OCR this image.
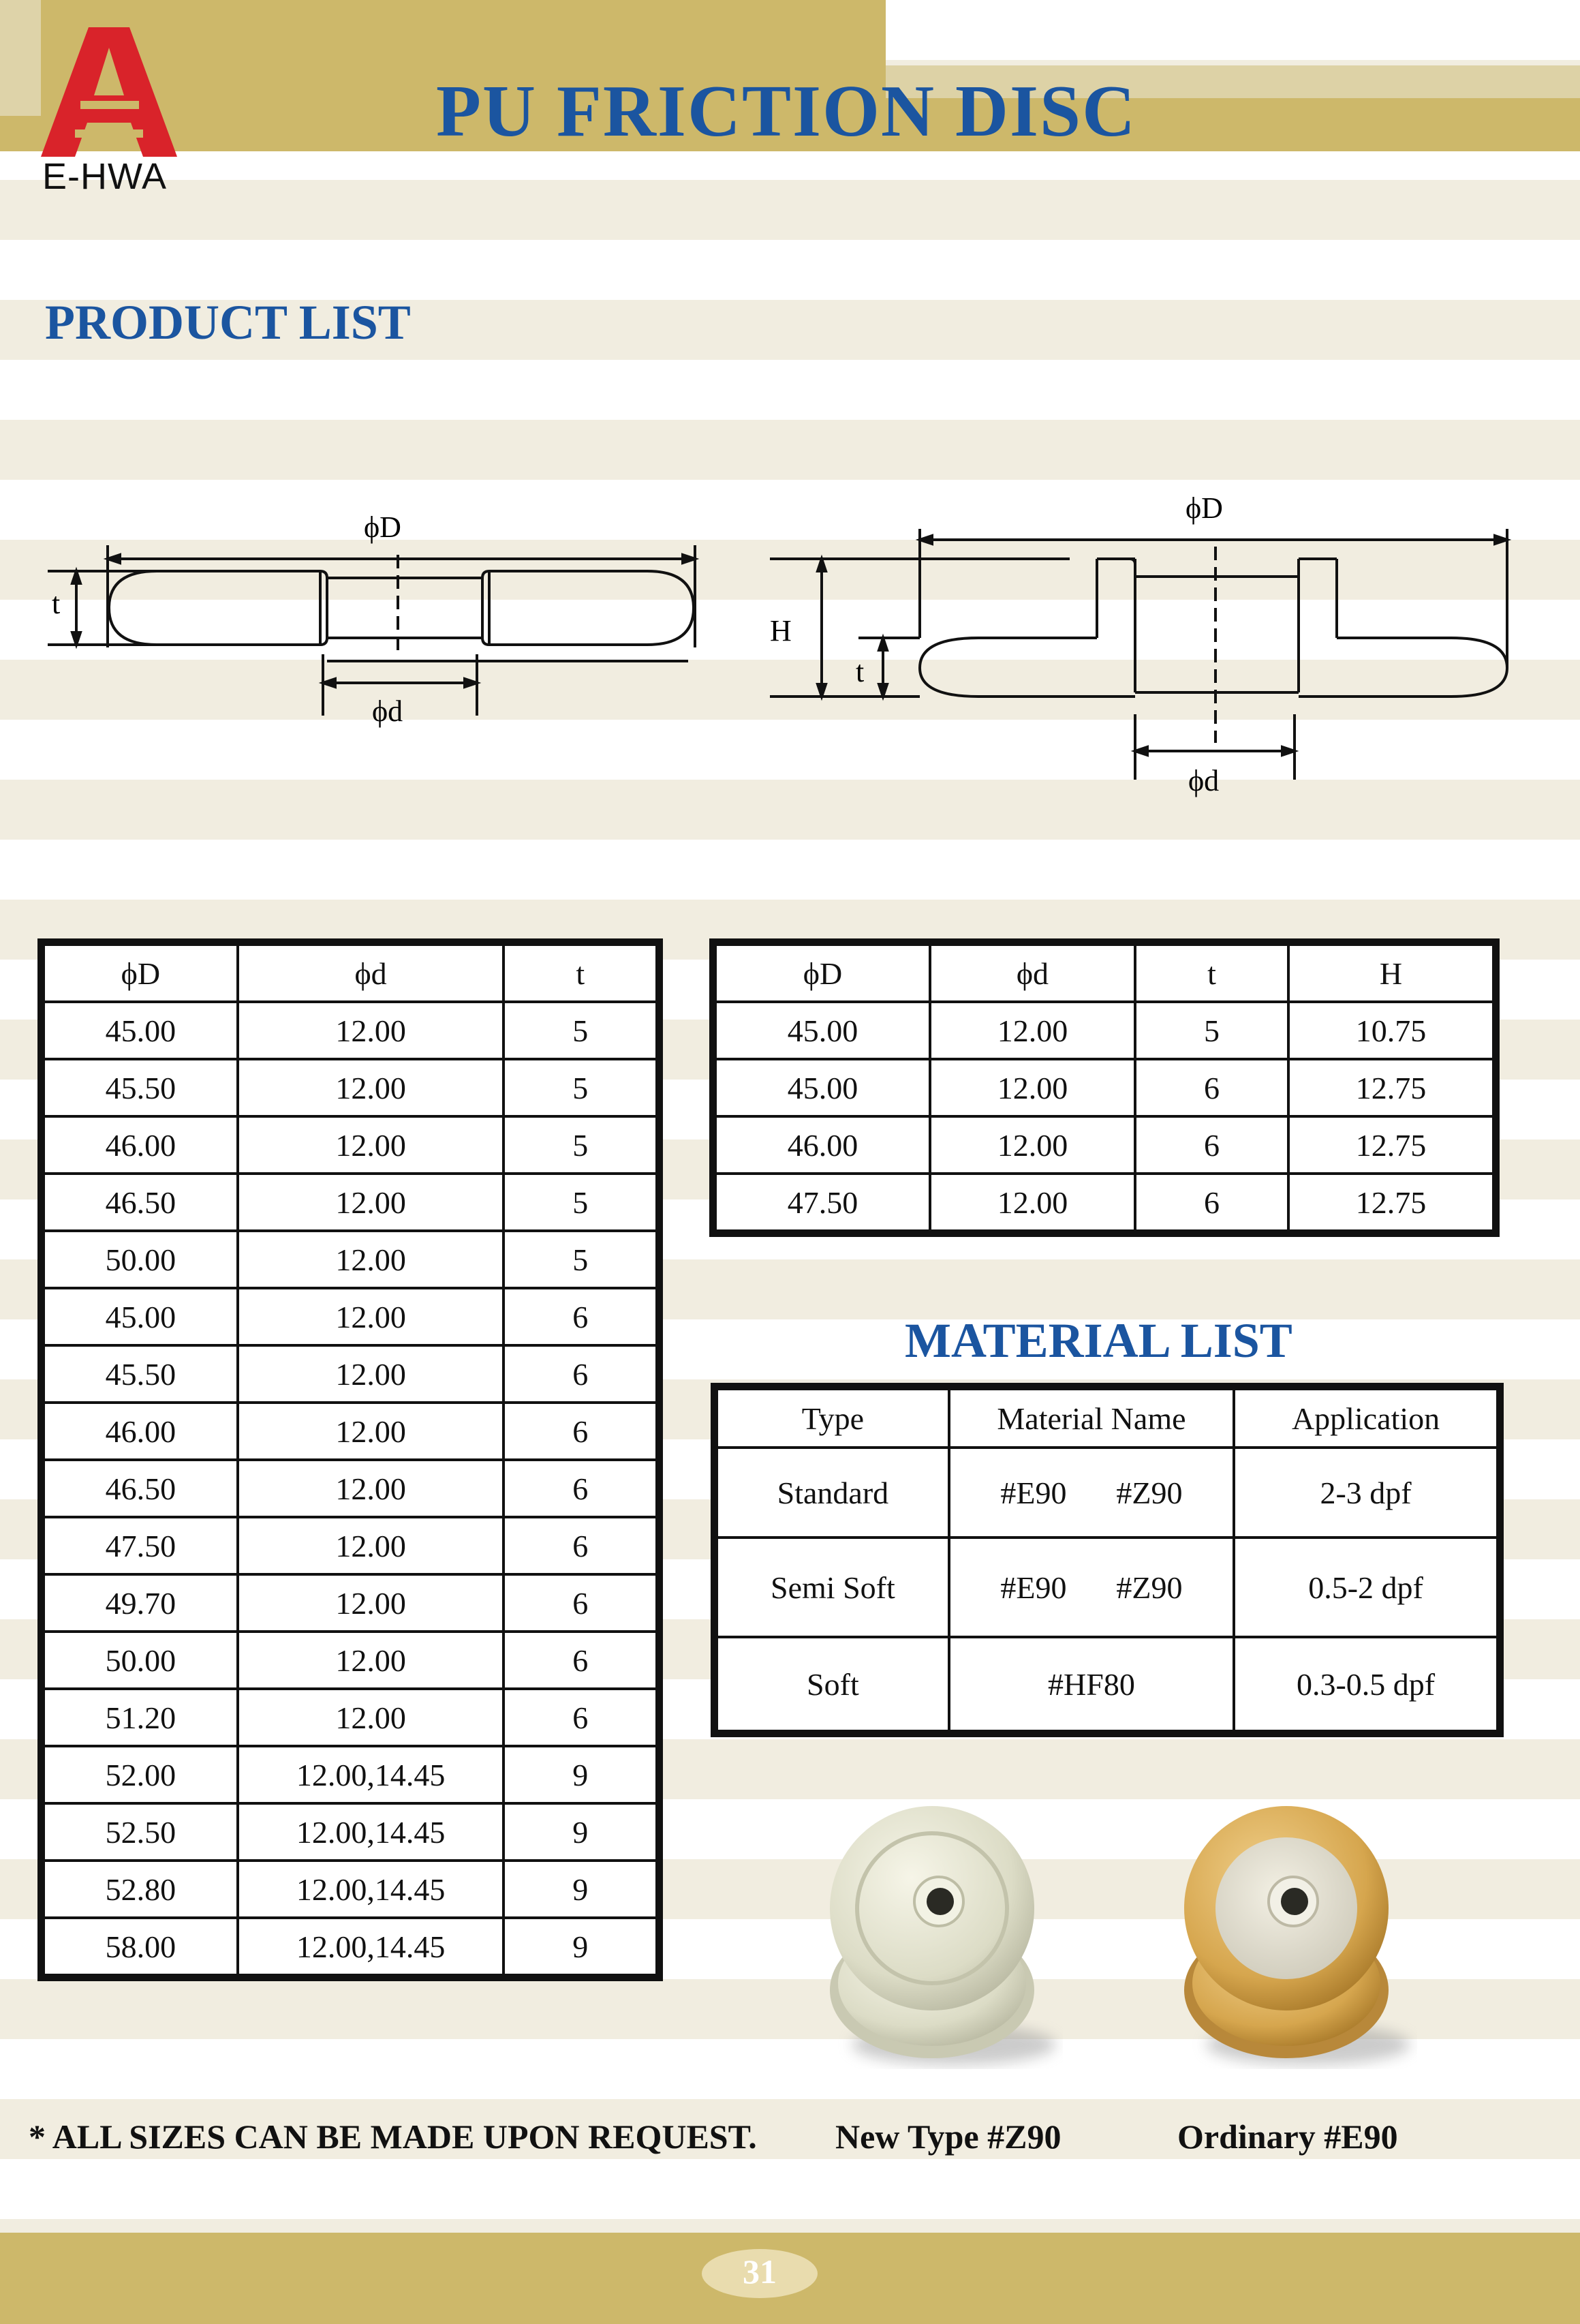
E-HWA
PU FRICTION DISC
PRODUCT LIST
ϕD
t
ϕd
ϕD
H
t
ϕd
ϕD	ϕd	t
45.00	12.00	5
45.50	12.00	5
46.00	12.00	5
46.50	12.00	5
50.00	12.00	5
45.00	12.00	6
45.50	12.00	6
46.00	12.00	6
46.50	12.00	6
47.50	12.00	6
49.70	12.00	6
50.00	12.00	6
51.20	12.00	6
52.00	12.00,14.45	9
52.50	12.00,14.45	9
52.80	12.00,14.45	9
58.00	12.00,14.45	9
ϕD	ϕd	t	H
45.00	12.00	5	10.75
45.00	12.00	6	12.75
46.00	12.00	6	12.75
47.50	12.00	6	12.75
MATERIAL LIST
Type	Material Name	Application
Standard	#E90 #Z90	2-3 dpf
Semi Soft	#E90 #Z90	0.5-2 dpf
Soft	#HF80	0.3-0.5 dpf
* ALL SIZES CAN BE MADE UPON REQUEST. New Type #Z90	Ordinary #E90
31
